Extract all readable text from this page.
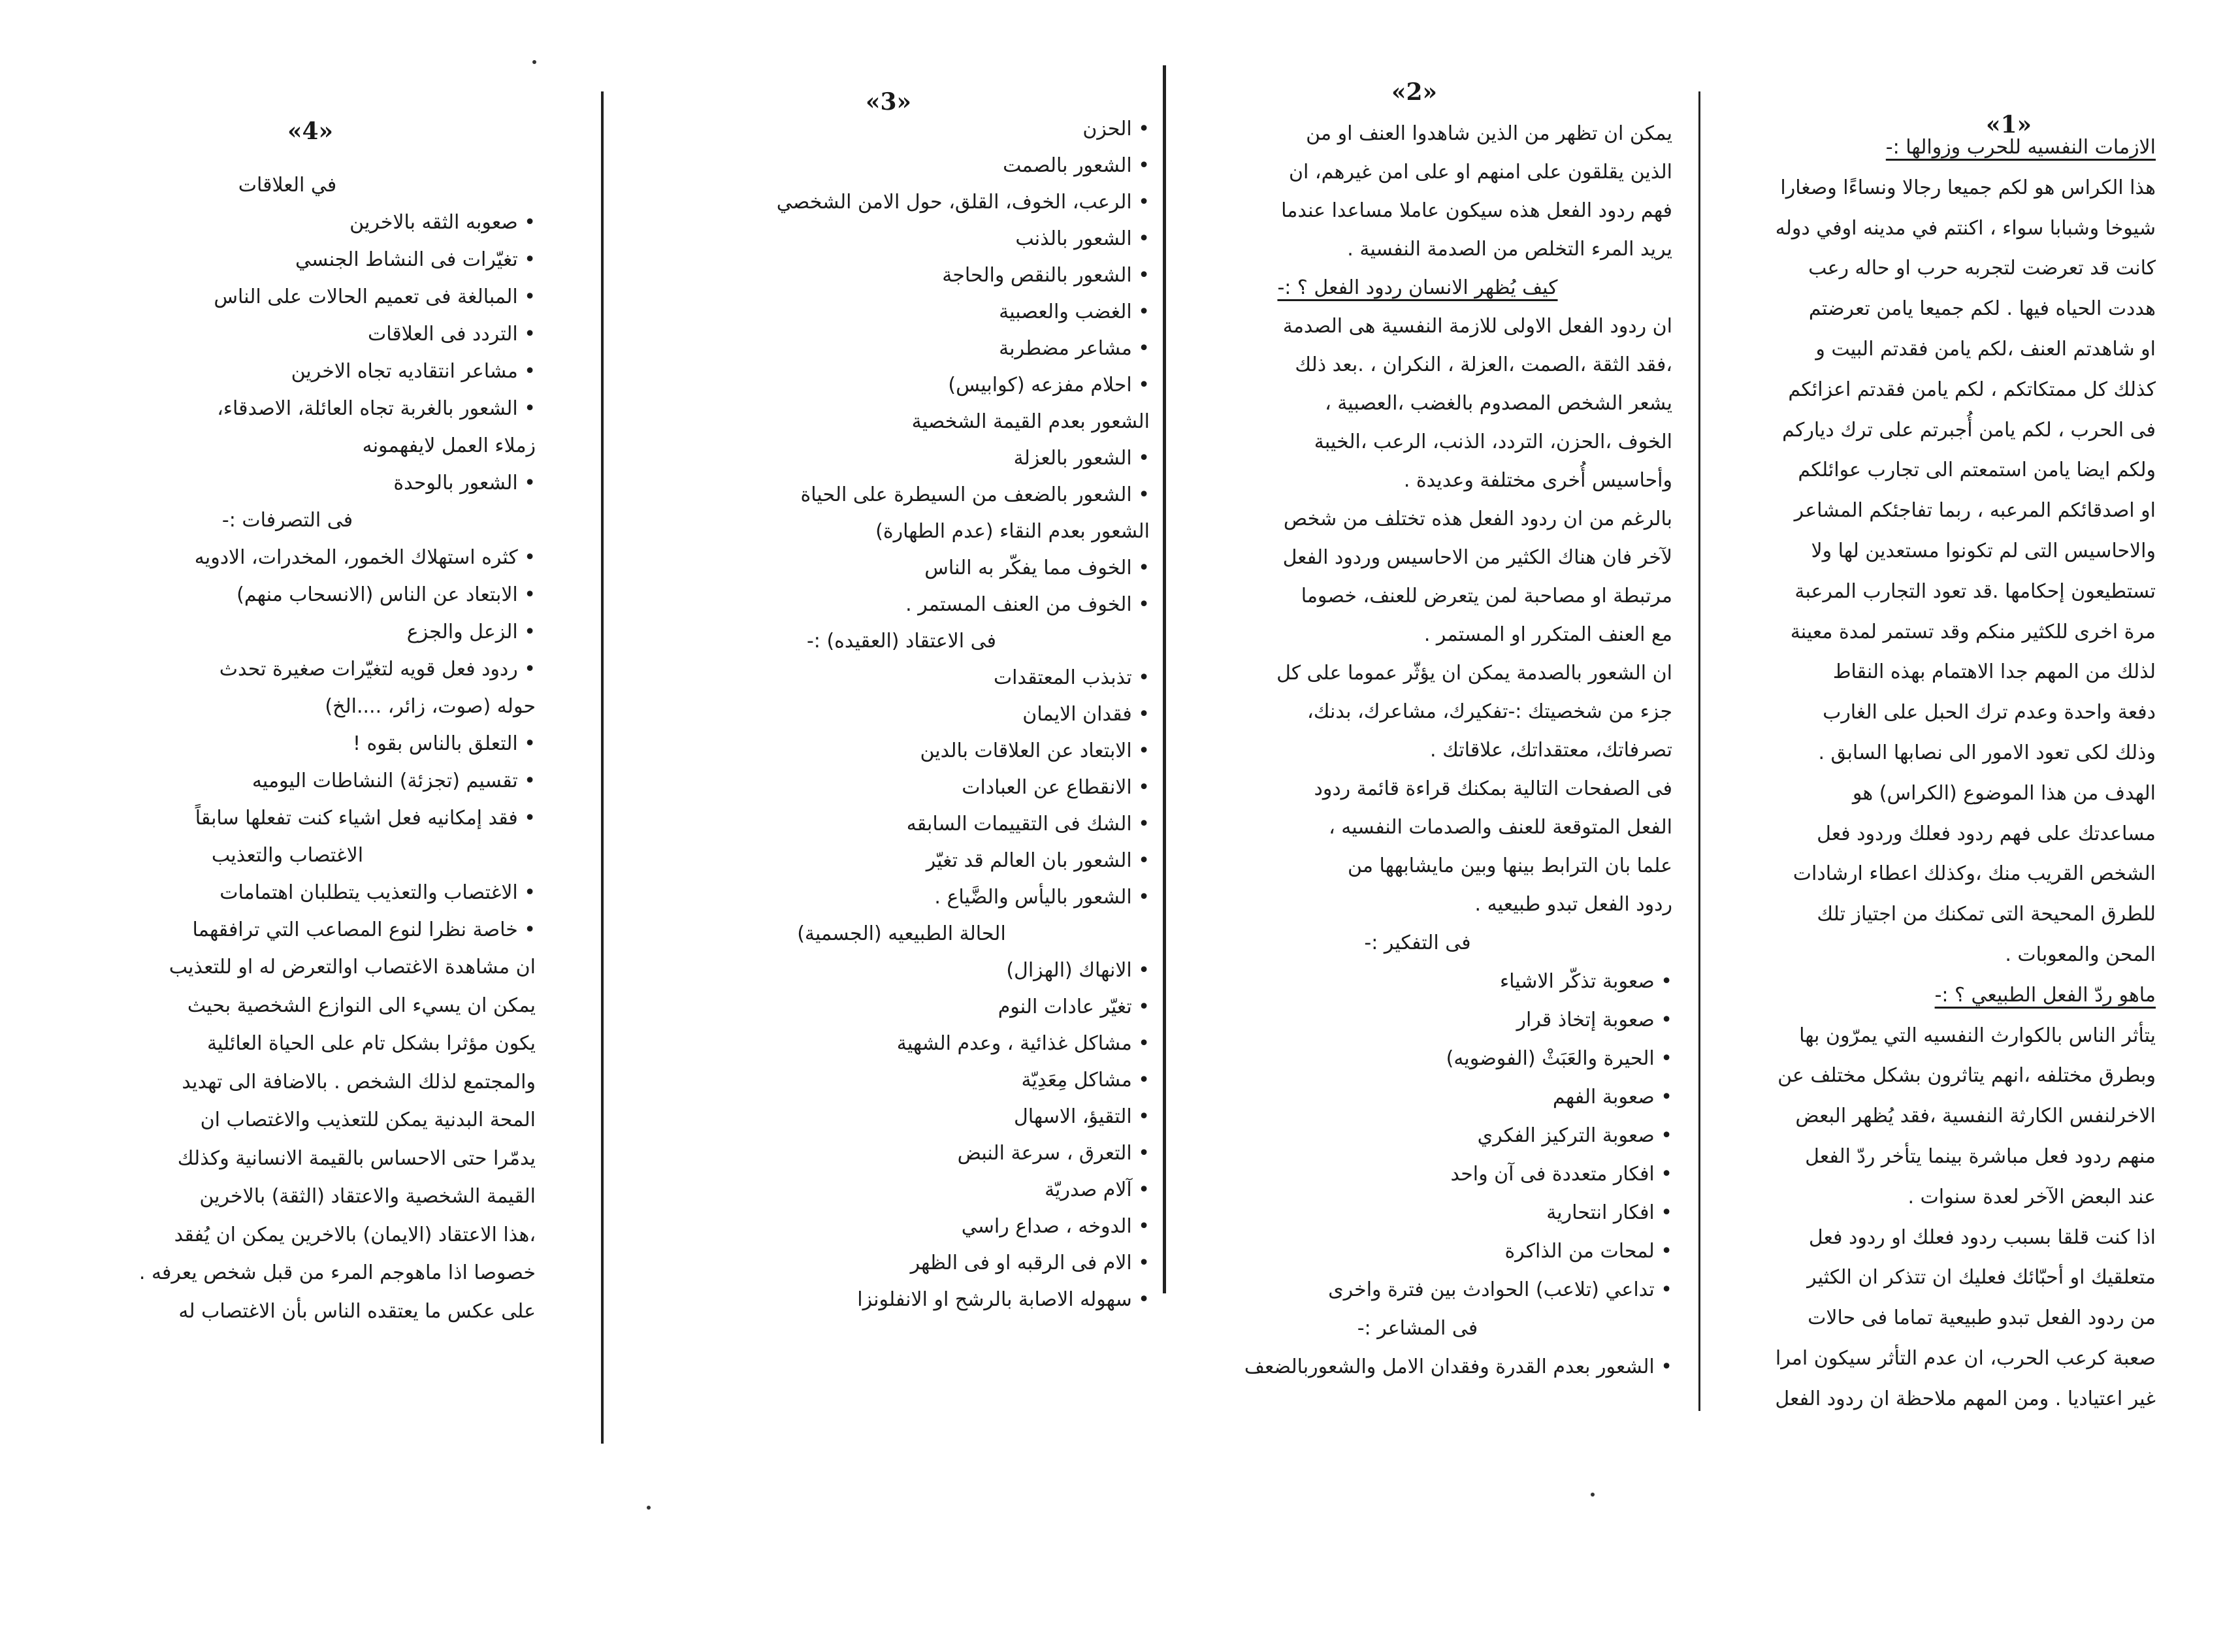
«1»
«2»
«3»
«4»
الازمات النفسيه للحرب وزوالها :-
هذا الكراس هو لكم جميعا رجالا ونساءًا وصغارا
شيوخا وشبابا سواء ، اكنتم في مدينه اوفي دوله
كانت قد تعرضت لتجربه حرب او حاله رعب
هددت الحياه فيها . لكم جميعا يامن تعرضتم
او شاهدتم العنف ،لكم يامن فقدتم البيت و
كذلك كل ممتكاتكم ، لكم يامن فقدتم اعزائكم
فى الحرب ، لكم يامن أُجبرتم على ترك دياركم
ولكم ايضا يامن استمعتم الى تجارب عوائلكم
او اصدقائكم المرعبه ، ربما تفاجئكم المشاعر
والاحاسيس التى لم تكونوا مستعدين لها ولا
تستطيعون إحكامها .قد تعود التجارب المرعبة
مرة اخرى للكثير منكم وقد تستمر لمدة معينة
لذلك من المهم جدا الاهتمام بهذه النقاط
دفعة واحدة وعدم ترك الحبل على الغارب
وذلك لكى تعود الامور الى نصابها السابق .
الهدف من هذا الموضوع (الكراس) هو
مساعدتك على فهم ردود فعلك وردود فعل
الشخص القريب منك ،وكذلك اعطاء ارشادات
للطرق المحيحة التى تمكنك من اجتياز تلك
المحن والمعوبات .
ماهو ردّ الفعل الطبيعي ؟ :-
يتأثر الناس بالكوارث النفسيه التي يمرّون بها
وبطرق مختلفه ،انهم يتاثرون بشكل مختلف عن
الاخرلنفس الكارثة النفسية ،فقد يُظهر البعض
منهم ردود فعل مباشرة بينما يتأخر ردّ الفعل
عند البعض الآخر لعدة سنوات .
اذا كنت قلقا بسبب ردود فعلك او ردود فعل
متعلقيك او أحبّائك فعليك ان تتذكر ان الكثير
من ردود الفعل تبدو طبيعية تماما فى حالات
صعبة كرعب الحرب، ان عدم التأثر سيكون امرا
غير اعتياديا . ومن المهم ملاحظة ان ردود الفعل
يمكن ان تظهر من الذين شاهدوا العنف او من
الذين يقلقون على امنهم او على امن غيرهم، ان
فهم ردود الفعل هذه سيكون عاملا مساعدا عندما
يريد المرء التخلص من الصدمة النفسية .
كيف يُظهر الانسان ردود الفعل ؟ :-
ان ردود الفعل الاولى للازمة النفسية هى الصدمة
،فقد الثقة ،الصمت ،العزلة ، النكران ، .بعد ذلك
يشعر الشخص المصدوم بالغضب ،العصبية ،
الخوف ،الحزن، التردد، الذنب، الرعب ،الخيبة
وأحاسيس أُخرى مختلفة وعديدة .
بالرغم من ان ردود الفعل هذه تختلف من شخص
لآخر فان هناك الكثير من الاحاسيس وردود الفعل
مرتبطة او مصاحبة لمن يتعرض للعنف، خصوما
مع العنف المتكرر او المستمر .
ان الشعور بالصدمة يمكن ان يؤثّر عموما على كل
جزء من شخصيتك :-تفكيرك، مشاعرك، بدنك،
تصرفاتك، معتقداتك، علاقاتك .
فى الصفحات التالية بمكنك قراءة قائمة ردود
الفعل المتوقعة للعنف والصدمات النفسيه ،
علما بان الترابط بينها وبين مايشابهها من
ردود الفعل تبدو طبيعيه .
فى التفكير :-
• صعوبة تذكّر الاشياء
• صعوبة إتخاذ قرار
• الحيرة والعَبَثْ (الفوضويه)
• صعوبة الفهم
• صعوبة التركيز الفكري
• افكار متعددة فى آن واحد
• افكار انتحارية
• لمحات من الذاكرة
• تداعي (تلاعب) الحوادث بين فترة واخرى
فى المشاعر :-
• الشعور بعدم القدرة وفقدان الامل والشعوربالضعف
• الحزن
• الشعور بالصمت
• الرعب، الخوف، القلق، حول الامن الشخصي
• الشعور بالذنب
• الشعور بالنقص والحاجة
• الغضب والعصبية
• مشاعر مضطربة
• احلام مفزعه (كوابيس)
الشعور بعدم القيمة الشخصية
• الشعور بالعزلة
• الشعور بالضعف من السيطرة على الحياة
الشعور بعدم النقاء (عدم الطهارة)
• الخوف مما يفكّر به الناس
• الخوف من العنف المستمر .
فى الاعتقاد (العقيده) :-
• تذبذب المعتقدات
• فقدان الايمان
• الابتعاد عن العلاقات بالدين
• الانقطاع عن العبادات
• الشك فى التقييمات السابقه
• الشعور بان العالم قد تغيّر
• الشعور باليأس والضَّياع .
الحالة الطبيعيه (الجسمية)
• الانهاك (الهزال)
• تغيّر عادات النوم
• مشاكل غذائية ، وعدم الشهية
• مشاكل مِعَدِيّة
• التقيؤ، الاسهال
• التعرق ، سرعة النبض
• آلام صدريّة
• الدوخه ، صداع راسي
• الام فى الرقبه او فى الظهر
• سهوله الاصابة بالرشح او الانفلونزا
في العلاقات
• صعوبه الثقه بالاخرين
• تغيّرات فى النشاط الجنسي
• المبالغة فى تعميم الحالات على الناس
• التردد فى العلاقات
• مشاعر انتقاديه تجاه الاخرين
• الشعور بالغربة تجاه العائلة، الاصدقاء،
زملاء العمل لايفهمونه
• الشعور بالوحدة
فى التصرفات :-
• كثره استهلاك الخمور، المخدرات، الادويه
• الابتعاد عن الناس (الانسحاب منهم)
• الزعل والجزع
• ردود فعل قويه لتغيّرات صغيرة تحدث
حوله (صوت، زائر، ....الخ)
• التعلق بالناس بقوه !
• تقسيم (تجزئة) النشاطات اليوميه
• فقد إمكانيه فعل اشياء كنت تفعلها سابقاً
الاغتصاب والتعذيب
• الاغتصاب والتعذيب يتطلبان اهتمامات
• خاصة نظرا لنوع المصاعب التي ترافقهما
ان مشاهدة الاغتصاب اوالتعرض له او للتعذيب
يمكن ان يسيء الى النوازع الشخصية بحيث
يكون مؤثرا بشكل تام على الحياة العائلية
والمجتمع لذلك الشخص . بالاضافة الى تهديد
المحة البدنية يمكن للتعذيب والاغتصاب ان
يدمّرا حتى الاحساس بالقيمة الانسانية وكذلك
القيمة الشخصية والاعتقاد (الثقة) بالاخرين
،هذا الاعتقاد (الايمان) بالاخرين يمكن ان يُفقد
خصوصا اذا ماهوجم المرء من قبل شخص يعرفه .
على عكس ما يعتقده الناس بأن الاغتصاب له
